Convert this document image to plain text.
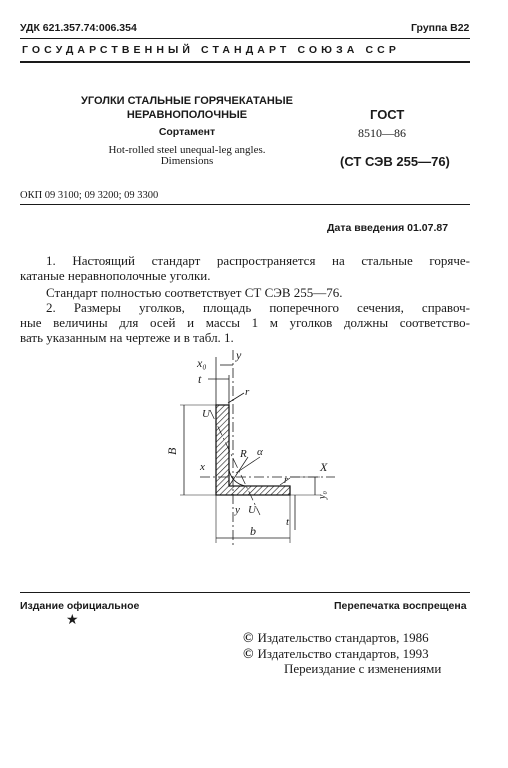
УДК 621.357.74:006.354	Группа В22
ГОСУДАРСТВЕННЫЙ СТАНДАРТ СОЮЗА ССР
УГОЛКИ СТАЛЬНЫЕ ГОРЯЧЕКАТАНЫЕ
НЕРАВНОПОЛОЧНЫЕ
Сортамент
Hot-rolled steel unequal-leg angles.
Dimensions
ГОСТ
8510—86
(СТ СЭВ 255—76)
ОКП 09 3100; 09 3200; 09 3300
Дата введения 01.07.87
1. Настоящий стандарт распространяется на стальные горяче-
катаные неравнополочные уголки.
Стандарт полностью соответствует СТ СЭВ 255—76.
2. Размеры уголков, площадь поперечного сечения, справоч-
ные величины для осей и массы 1 м уголков должны соответство-
вать указанным на чертеже и в табл. 1.
x₀
y
t
r
U
B
x
R α
X
r
y₀
t
y U
b
Издание официальное
★
Перепечатка воспрещена
© Издательство стандартов, 1986
© Издательство стандартов, 1993
Переиздание с изменениями
